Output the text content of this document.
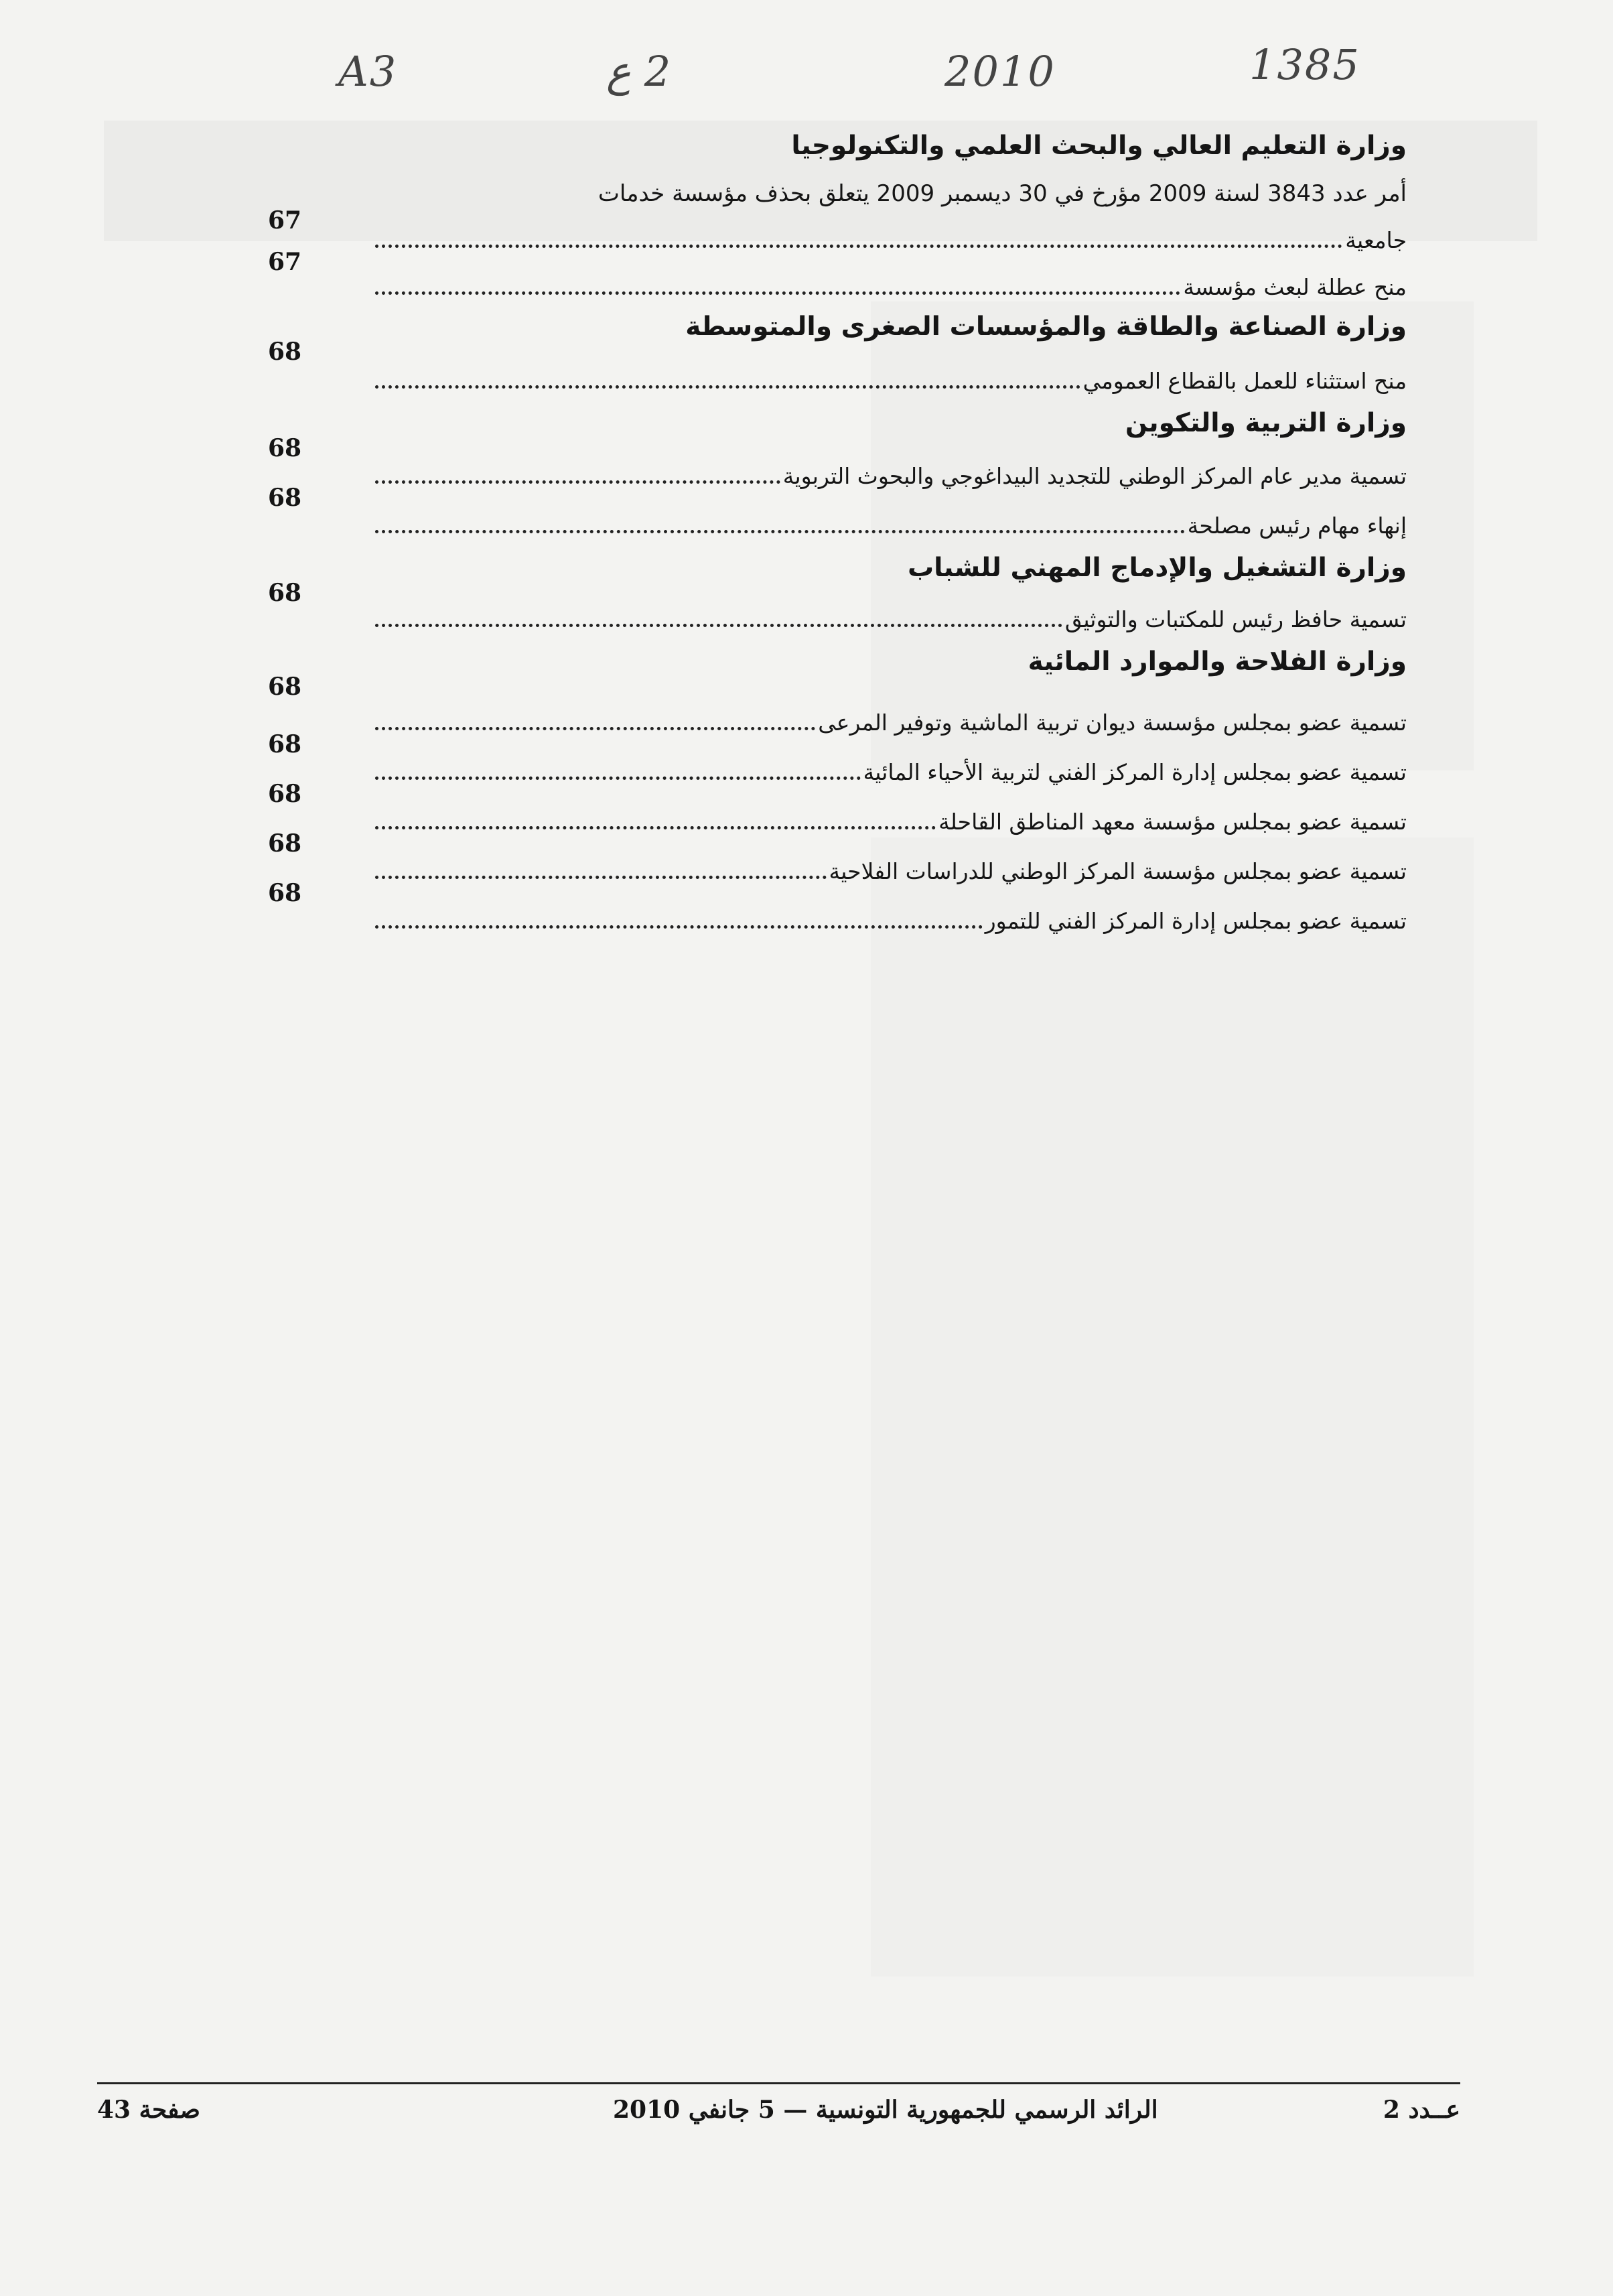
A3	2 ع	2010	1385

وزارة التعليم العالي والبحث العلمي والتكنولوجيا

أمر عدد 3843 لسنة 2009 مؤرخ في 30 ديسمبر 2009 يتعلق بحذف مؤسسة خدمات

جامعية
67
منح عطلة لبعث مؤسسة
67

وزارة الصناعة والطاقة والمؤسسات الصغرى والمتوسطة

منح استثناء للعمل بالقطاع العمومي
68

وزارة التربية والتكوين

تسمية مدير عام المركز الوطني للتجديد البيداغوجي والبحوث التربوية
68
إنهاء مهام رئيس مصلحة
68

وزارة التشغيل والإدماج المهني للشباب

تسمية حافظ رئيس للمكتبات والتوثيق
68

وزارة الفلاحة والموارد المائية

تسمية عضو بمجلس مؤسسة ديوان تربية الماشية وتوفير المرعى
68
تسمية عضو بمجلس إدارة المركز الفني لتربية الأحياء المائية
68
تسمية عضو بمجلس مؤسسة معهد المناطق القاحلة
68
تسمية عضو بمجلس مؤسسة المركز الوطني للدراسات الفلاحية
68
تسمية عضو بمجلس إدارة المركز الفني للتمور
68
صفحة 43	الرائد الرسمي للجمهورية التونسية — 5 جانفي 2010	عــدد 2
